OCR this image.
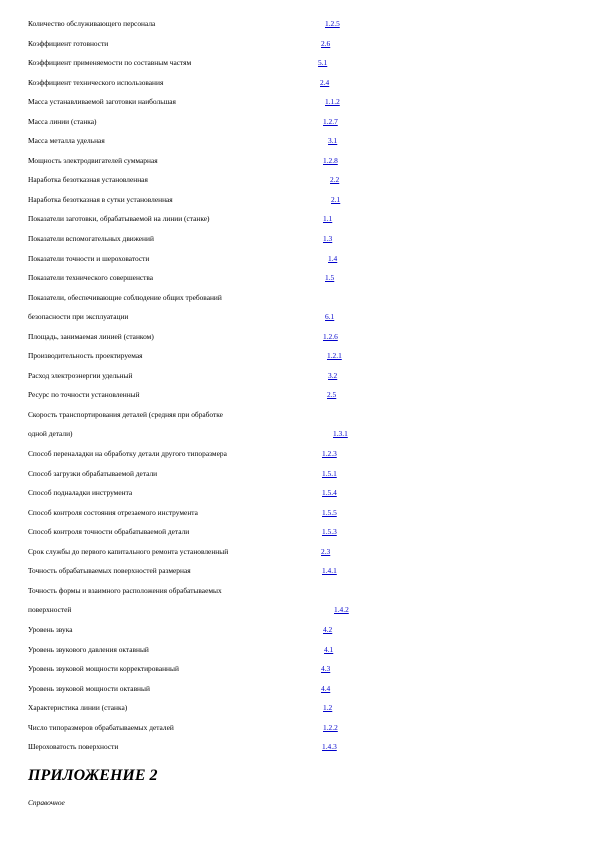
Количество обслуживающего персонала	1.2.5
Коэффициент готовности	2.6
Коэффициент применяемости по составным частям	5.1
Коэффициент технического использования	2.4
Масса устанавливаемой заготовки наибольшая	1.1.2
Масса линии (станка)	1.2.7
Масса металла удельная	3.1
Мощность электродвигателей суммарная	1.2.8
Наработка безотказная установленная	2.2
Наработка безотказная в сутки установленная	2.1
Показатели заготовки, обрабатываемой на линии (станке)	1.1
Показатели вспомогательных движений	1.3
Показатели точности и шероховатости	1.4
Показатели технического совершенства	1.5
Показатели, обеспечивающие соблюдение общих требований
безопасности при эксплуатации	6.1
Площадь, занимаемая линией (станком)	1.2.6
Производительность проектируемая	1.2.1
Расход электроэнергии удельный	3.2
Ресурс по точности установленный	2.5
Скорость транспортирования деталей (средняя при обработке
одной детали)	1.3.1
Способ переналадки на обработку детали другого типоразмера	1.2.3
Способ загрузки обрабатываемой детали	1.5.1
Способ подналадки инструмента	1.5.4
Способ контроля состояния отрезаемого инструмента	1.5.5
Способ контроля точности обрабатываемой детали	1.5.3
Срок службы до первого капитального ремонта установленный	2.3
Точность обрабатываемых поверхностей размерная	1.4.1
Точность формы и взаимного расположения обрабатываемых
поверхностей	1.4.2
Уровень звука	4.2
Уровень звукового давления октавный	4.1
Уровень звуковой мощности корректированный	4.3
Уровень звуковой мощности октавный	4.4
Характеристика линии (станка)	1.2
Число типоразмеров обрабатываемых деталей	1.2.2
Шероховатость поверхности	1.4.3
ПРИЛОЖЕНИЕ 2
Справочное
